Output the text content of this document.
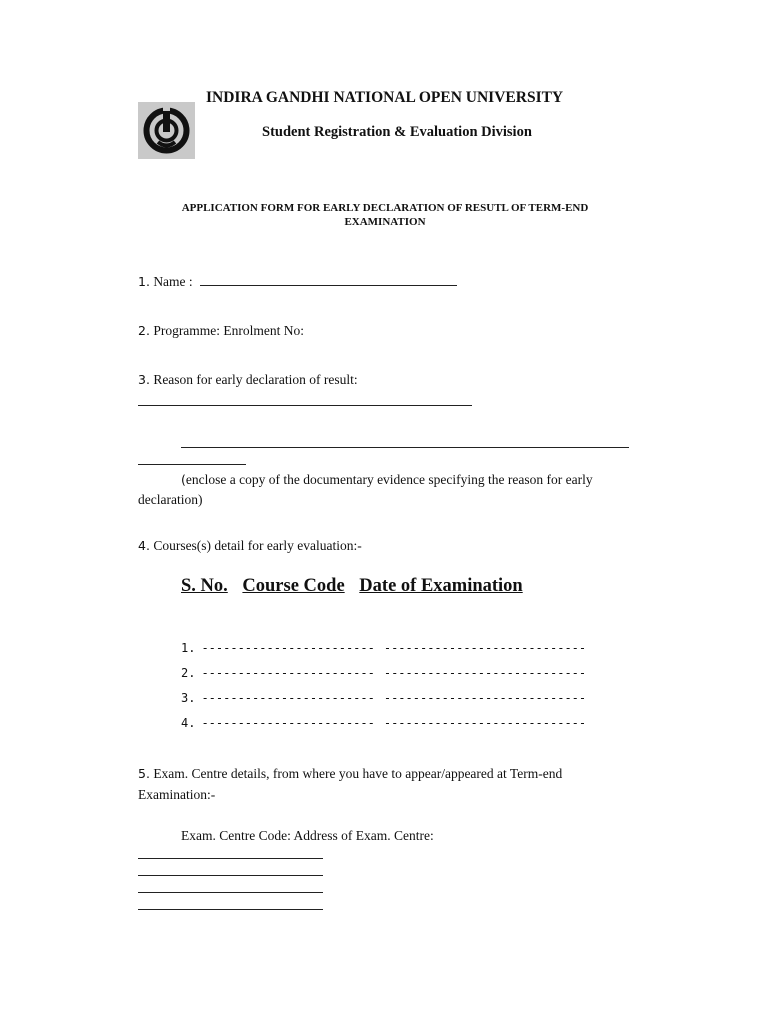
INDIRA GANDHI NATIONAL OPEN UNIVERSITY
Student Registration & Evaluation Division
APPLICATION FORM FOR EARLY DECLARATION OF RESUTL OF TERM-END EXAMINATION
1. Name :
2. Programme: Enrolment No:
3. Reason for early declaration of result:
(enclose a copy of the documentary evidence specifying the reason for early
declaration)
4. Courses(s) detail for early evaluation:-
S. No. Course Code Date of Examination
1. ------------------------ ----------------------------
2. ------------------------ ----------------------------
3. ------------------------ ----------------------------
4. ------------------------ ----------------------------
5. Exam. Centre details, from where you have to appear/appeared at Term-end
Examination:-
Exam. Centre Code: Address of Exam. Centre:
